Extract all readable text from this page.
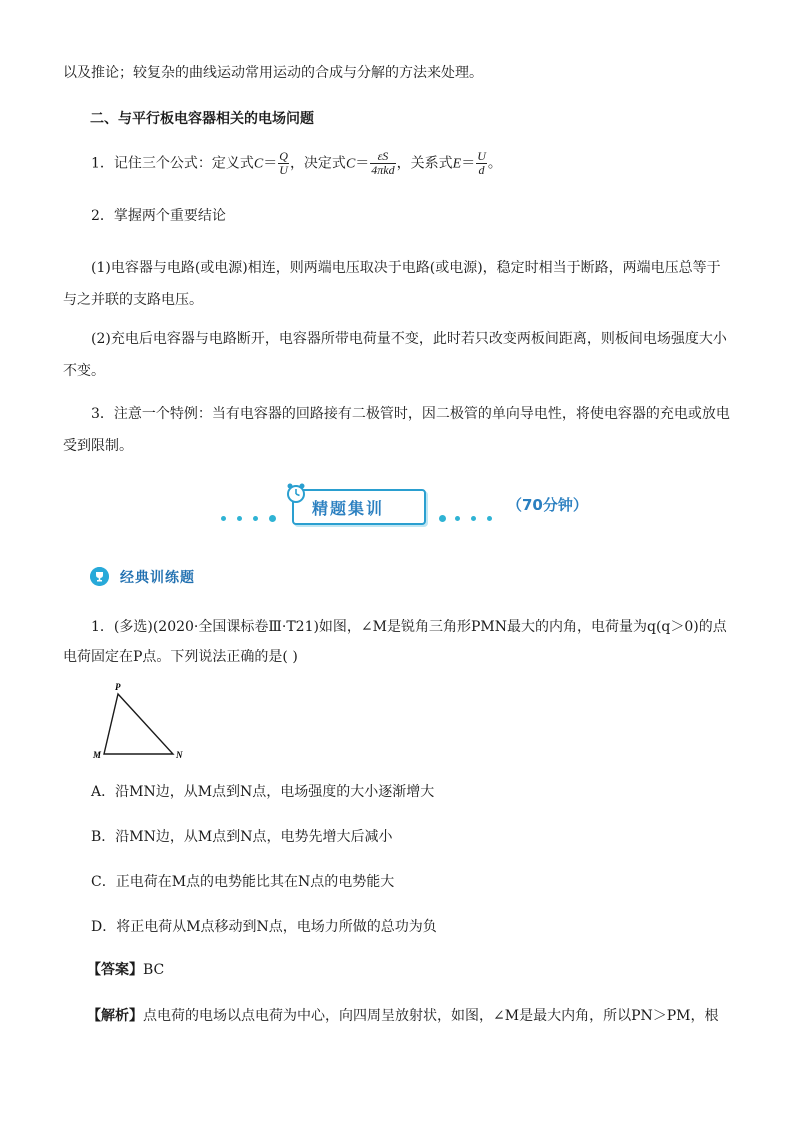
以及推论；较复杂的曲线运动常用运动的合成与分解的方法来处理。
二、与平行板电容器相关的电场问题
1．记住三个公式：定义式$C= \frac{Q}{U}$ ，决定式$C= \frac{\varepsilon S}{\text{4πkd}}$ ，关系式$E= \frac{U}{d}$ 。
2．掌握两个重要结论
(1)电容器与电路(或电源)相连，则两端电压取决于电路(或电源)，稳定时相当于断路，两端电压总等于与之并联的支路电压。
(2)充电后电容器与电路断开，电容器所带电荷量不变，此时若只改变两板间距离，则板间电场强度大小不变。
3．注意一个特例：当有电容器的回路接有二极管时，因二极管的单向导电性，将使电容器的充电或放电受到限制。
精题集训	（70分钟）
经典训练题
1．(多选)(2020·全国课标卷Ⅲ·T21)如图，∠M是锐角三角形PMN最大的内角，电荷量为q(q＞0)的点电荷固定在P点。下列说法正确的是( )
P
M	N
A．沿MN边，从M点到N点，电场强度的大小逐渐增大
B．沿MN边，从M点到N点，电势先增大后减小
C．正电荷在M点的电势能比其在N点的电势能大
D．将正电荷从M点移动到N点，电场力所做的总功为负
【答案】BC
【解析】点电荷的电场以点电荷为中心，向四周呈放射状，如图，∠M是最大内角，所以PN＞PM，根
